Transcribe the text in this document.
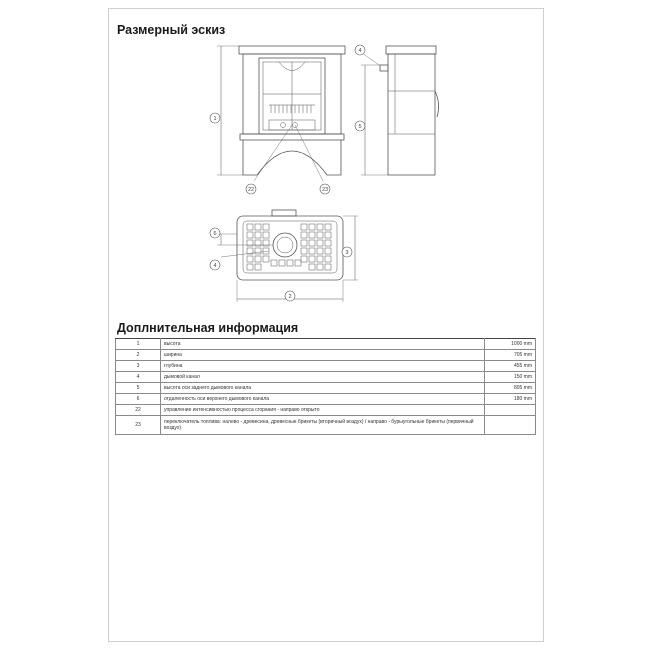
Размерный эскиз
1
22	23
4
5
6
4
3
2
Доплнительная информация
1	высота	1000 mm
2	ширина	705 mm
3	глубина	455 mm
4	дымовой канал	150 mm
5	высота оси заднего дымового канала	805 mm
6	отдаленность оси верхнего дымового канала	180 mm
22	управление интенсивностью процесса сгорания - направо открыто	
23	переключатель топлива: налево - древесина, древесные брикеты (вторичный воздух) / направо - бурыугольные брикеты (первичный воздух)	
